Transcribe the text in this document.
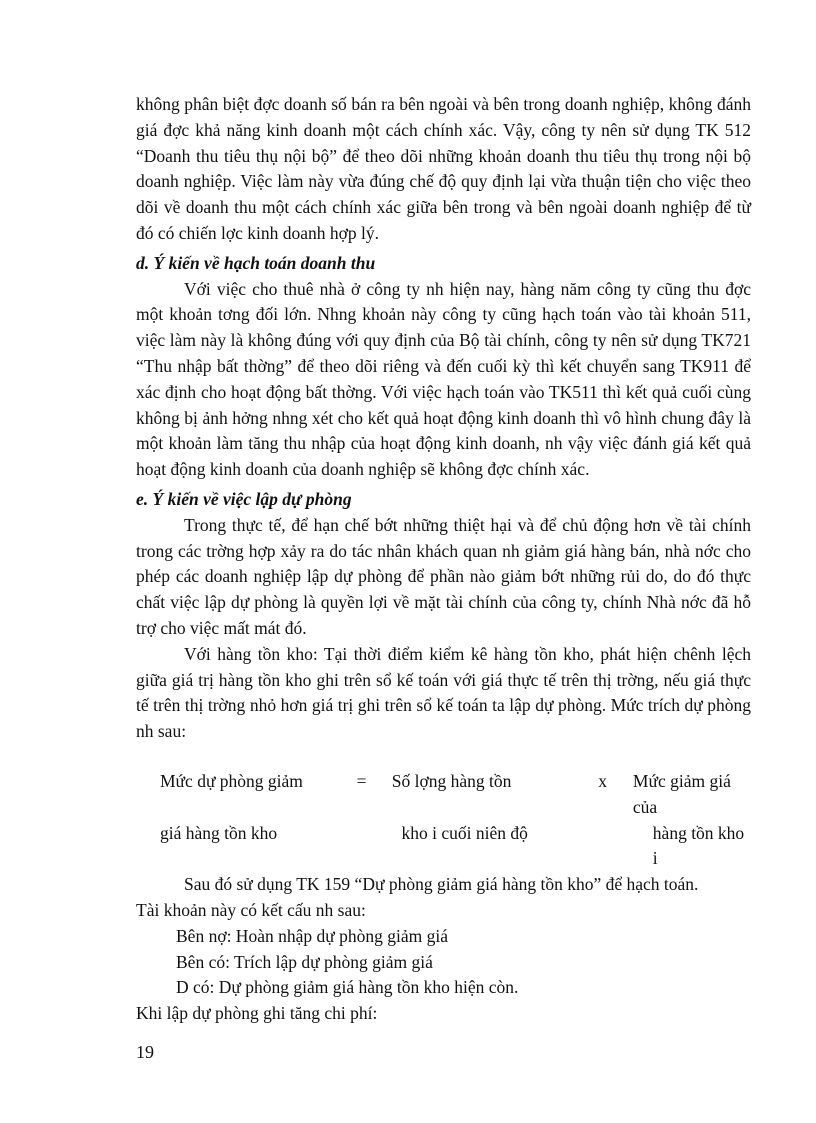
không phân biệt đợc doanh số bán ra bên ngoài và bên trong doanh nghiệp, không đánh giá đợc khả năng kinh doanh một cách chính xác. Vậy, công ty nên sử dụng TK 512 “Doanh thu tiêu thụ nội bộ” để theo dõi những khoản doanh thu tiêu thụ trong nội bộ doanh nghiệp. Việc làm này vừa đúng chế độ quy định lại vừa thuận tiện cho việc theo dõi về doanh thu một cách chính xác giữa bên trong và bên ngoài doanh nghiệp để từ đó có chiến lợc kinh doanh hợp lý.

d. Ý kiến về hạch toán doanh thu

Với việc cho thuê nhà ở công ty nh hiện nay, hàng năm công ty cũng thu đợc một khoản tơng đối lớn. Nhng khoản này công ty cũng hạch toán vào tài khoản 511, việc làm này là không đúng với quy định của Bộ tài chính, công ty nên sử dụng TK721 “Thu nhập bất thờng” để theo dõi riêng và đến cuối kỳ thì kết chuyển sang TK911 để xác định cho hoạt động bất thờng. Với việc hạch toán vào TK511 thì kết quả cuối cùng không bị ảnh hởng nhng xét cho kết quả hoạt động kinh doanh thì vô hình chung đây là một khoản làm tăng thu nhập của hoạt động kinh doanh, nh vậy việc đánh giá kết quả hoạt động kinh doanh của doanh nghiệp sẽ không đợc chính xác.

e. Ý kiến về việc lập dự phòng

Trong thực tế, để hạn chế bớt những thiệt hại và để chủ động hơn về tài chính trong các trờng hợp xảy ra do tác nhân khách quan nh giảm giá hàng bán, nhà nớc cho phép các doanh nghiệp lập dự phòng để phần nào giảm bớt những rủi do, do đó thực chất việc lập dự phòng là quyền lợi về mặt tài chính của công ty, chính Nhà nớc đã hỗ trợ cho việc mất mát đó.

Với hàng tồn kho: Tại thời điểm kiểm kê hàng tồn kho, phát hiện chênh lệch giữa giá trị hàng tồn kho ghi trên sổ kế toán với giá thực tế trên thị trờng, nếu giá thực tế trên thị trờng nhỏ hơn giá trị ghi trên sổ kế toán ta lập dự phòng. Mức trích dự phòng nh sau:

Mức dự phòng giảm	=	Số lợng hàng tồn	x	Mức giảm giá của
giá hàng tồn kho	kho i cuối niên độ	hàng tồn kho i

Sau đó sử dụng TK 159 “Dự phòng giảm giá hàng tồn kho” để hạch toán.

Tài khoản này có kết cấu nh sau:

Bên nợ: Hoàn nhập dự phòng giảm giá

Bên có: Trích lập dự phòng giảm giá

D có: Dự phòng giảm giá hàng tồn kho hiện còn.

Khi lập dự phòng ghi tăng chi phí:

19
